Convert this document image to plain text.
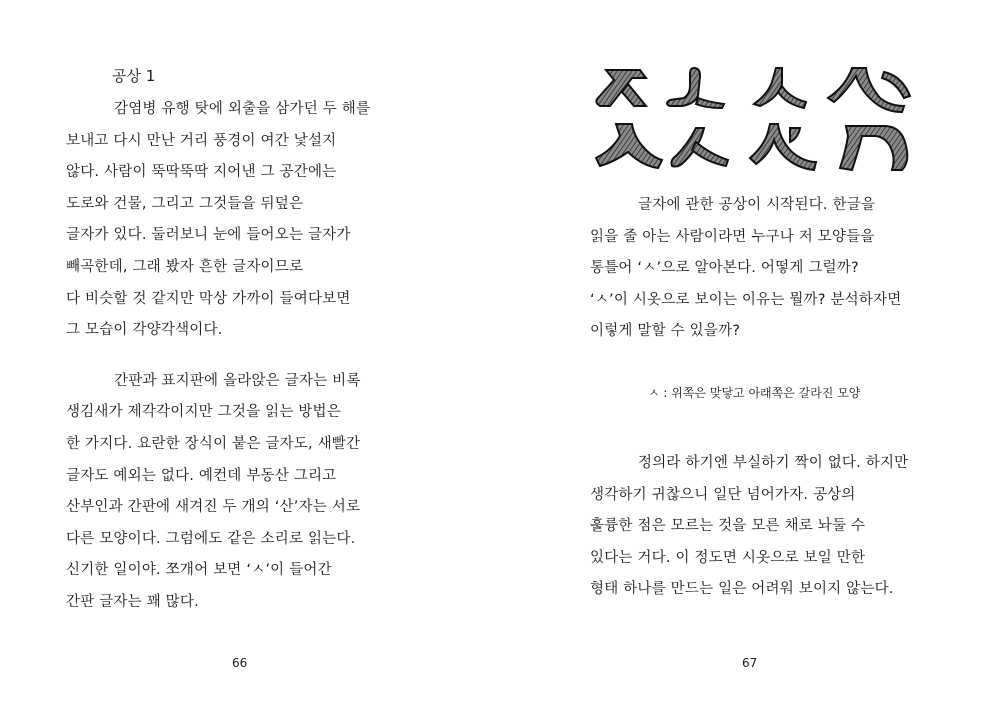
공상 1
감염병 유행 탓에 외출을 삼가던 두 해를
보내고 다시 만난 거리 풍경이 여간 낯설지
않다. 사람이 뚝딱뚝딱 지어낸 그 공간에는
도로와 건물, 그리고 그것들을 뒤덮은
글자가 있다. 둘러보니 눈에 들어오는 글자가
빼곡한데, 그래 봤자 흔한 글자이므로
다 비슷할 것 같지만 막상 가까이 들여다보면
그 모습이 각양각색이다.
간판과 표지판에 올라앉은 글자는 비록
생김새가 제각각이지만 그것을 읽는 방법은
한 가지다. 요란한 장식이 붙은 글자도, 새빨간
글자도 예외는 없다. 예컨데 부동산 그리고
산부인과 간판에 새겨진 두 개의 ‘산’자는 서로
다른 모양이다. 그럼에도 같은 소리로 읽는다.
신기한 일이야. 쪼개어 보면 ‘ㅅ’이 들어간
간판 글자는 꽤 많다.
66
글자에 관한 공상이 시작된다. 한글을
읽을 줄 아는 사람이라면 누구나 저 모양들을
통틀어 ‘ㅅ’으로 알아본다. 어떻게 그럴까?
‘ㅅ’이 시옷으로 보이는 이유는 뭘까? 분석하자면
이렇게 말할 수 있을까?
ㅅ : 위쪽은 맞닿고 아래쪽은 갈라진 모양
정의라 하기엔 부실하기 짝이 없다. 하지만
생각하기 귀찮으니 일단 넘어가자. 공상의
훌륭한 점은 모르는 것을 모른 채로 놔둘 수
있다는 거다. 이 정도면 시옷으로 보일 만한
형태 하나를 만드는 일은 어려워 보이지 않는다.
67
